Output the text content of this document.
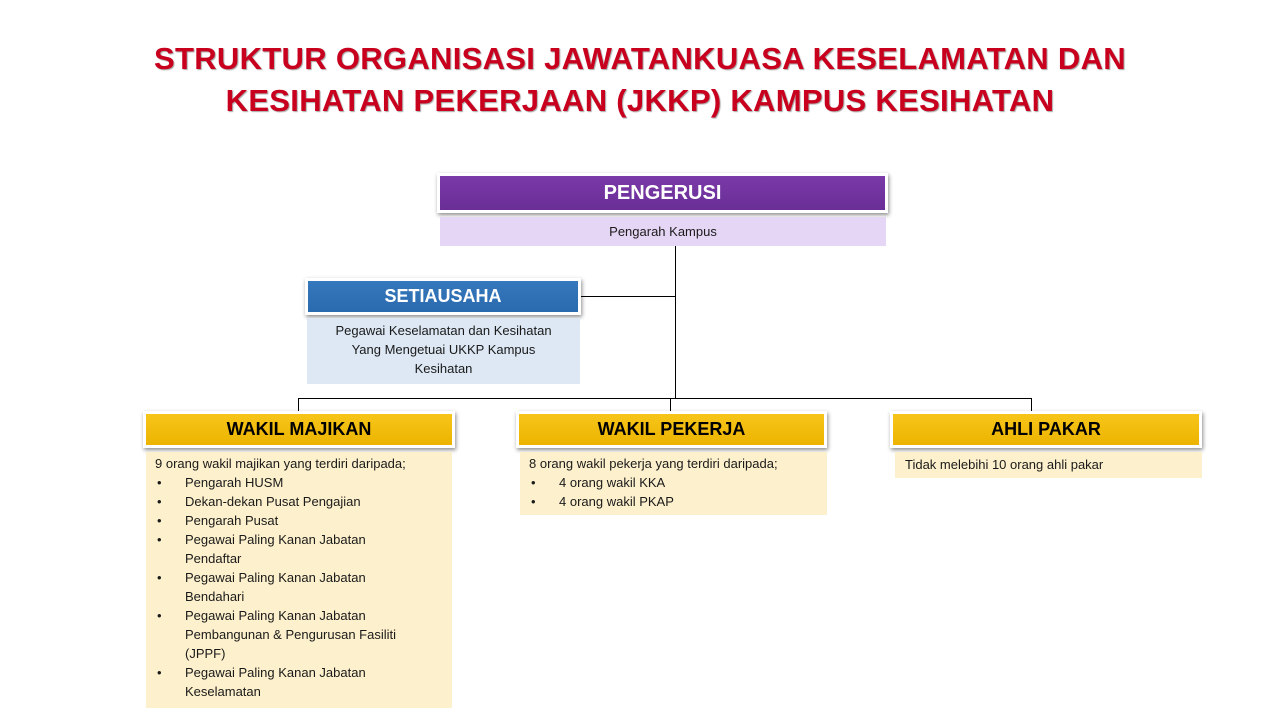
STRUKTUR ORGANISASI JAWATANKUASA KESELAMATAN DAN
KESIHATAN PEKERJAAN (JKKP) KAMPUS KESIHATAN
PENGERUSI
Pengarah Kampus
SETIAUSAHA
Pegawai Keselamatan dan Kesihatan
Yang Mengetuai UKKP Kampus
Kesihatan
WAKIL MAJIKAN
9 orang wakil majikan yang terdiri daripada;
• Pengarah HUSM
• Dekan-dekan Pusat Pengajian
• Pengarah Pusat
• Pegawai Paling Kanan Jabatan Pendaftar
• Pegawai Paling Kanan Jabatan Bendahari
• Pegawai Paling Kanan Jabatan Pembangunan & Pengurusan Fasiliti (JPPF)
• Pegawai Paling Kanan Jabatan Keselamatan
WAKIL PEKERJA
8 orang wakil pekerja yang terdiri daripada;
• 4 orang wakil KKA
• 4 orang wakil PKAP
AHLI PAKAR
Tidak melebihi 10 orang ahli pakar
